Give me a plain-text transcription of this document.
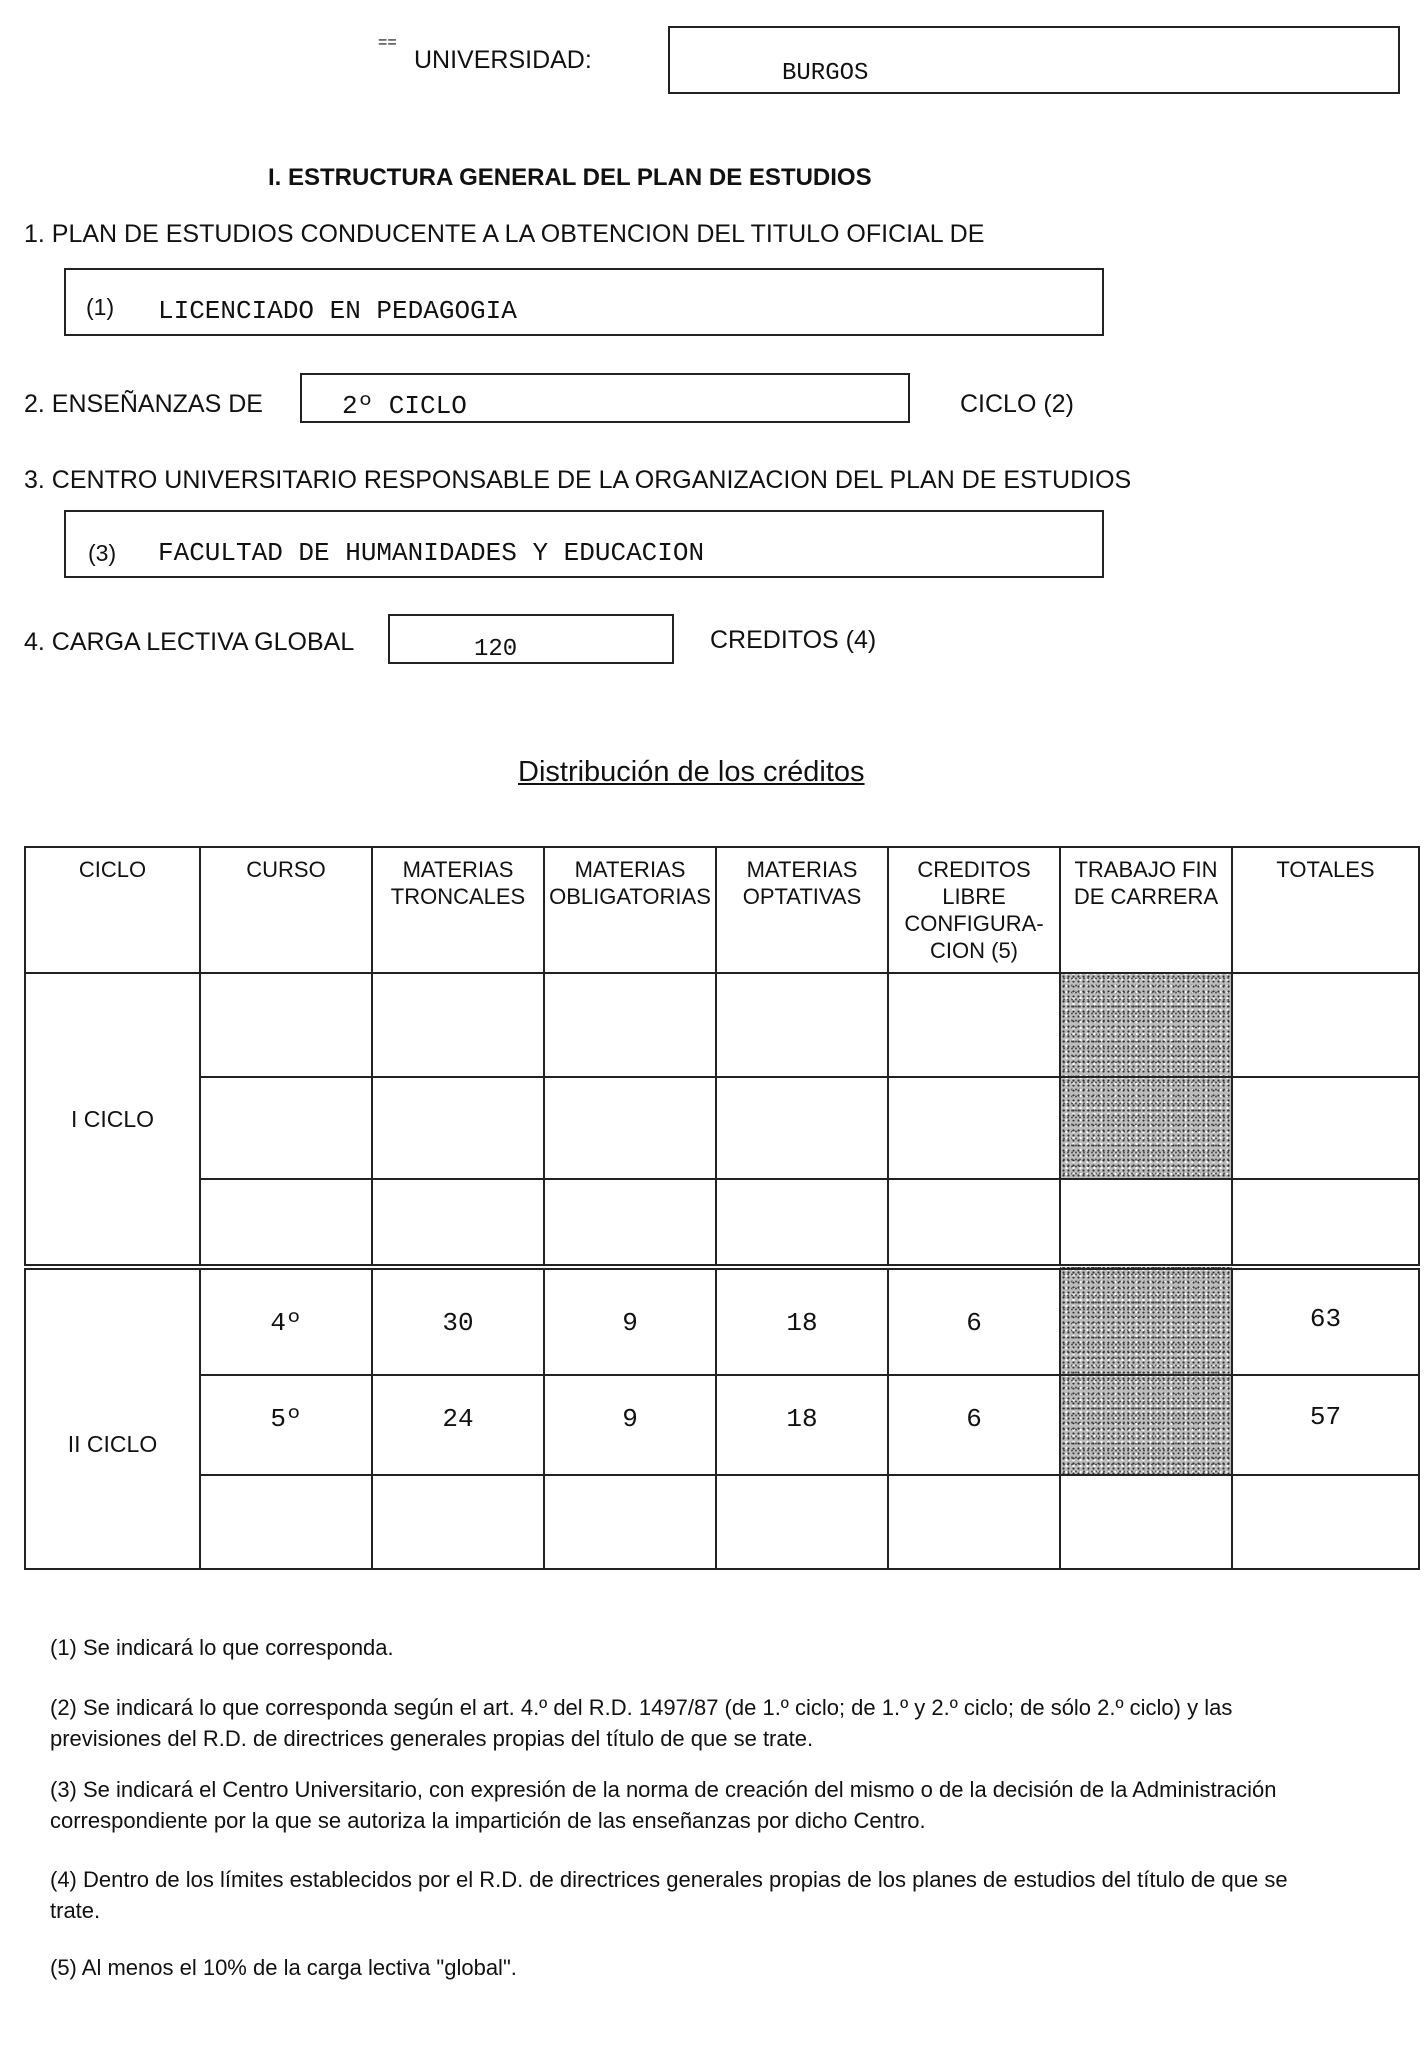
==
UNIVERSIDAD:	BURGOS
I. ESTRUCTURA GENERAL DEL PLAN DE ESTUDIOS
1. PLAN DE ESTUDIOS CONDUCENTE A LA OBTENCION DEL TITULO OFICIAL DE
(1) LICENCIADO EN PEDAGOGIA
2. ENSEÑANZAS DE	2º CICLO	CICLO (2)
3. CENTRO UNIVERSITARIO RESPONSABLE DE LA ORGANIZACION DEL PLAN DE ESTUDIOS
(3) FACULTAD DE HUMANIDADES Y EDUCACION
4. CARGA LECTIVA GLOBAL	120	CREDITOS (4)
Distribución de los créditos
CICLO	CURSO	MATERIAS TRONCALES	MATERIAS OBLIGATORIAS	MATERIAS OPTATIVAS	CREDITOS LIBRE CONFIGURA-CION (5)	TRABAJO FIN DE CARRERA	TOTALES
I CICLO							

II CICLO	4º	30	9	18	6		63
	5º	24	9	18	6		57

(1) Se indicará lo que corresponda.
(2) Se indicará lo que corresponda según el art. 4.º del R.D. 1497/87 (de 1.º ciclo; de 1.º y 2.º ciclo; de sólo 2.º ciclo) y las previsiones del R.D. de directrices generales propias del título de que se trate.
(3) Se indicará el Centro Universitario, con expresión de la norma de creación del mismo o de la decisión de la Administración correspondiente por la que se autoriza la impartición de las enseñanzas por dicho Centro.
(4) Dentro de los límites establecidos por el R.D. de directrices generales propias de los planes de estudios del título de que se trate.
(5) Al menos el 10% de la carga lectiva "global".
